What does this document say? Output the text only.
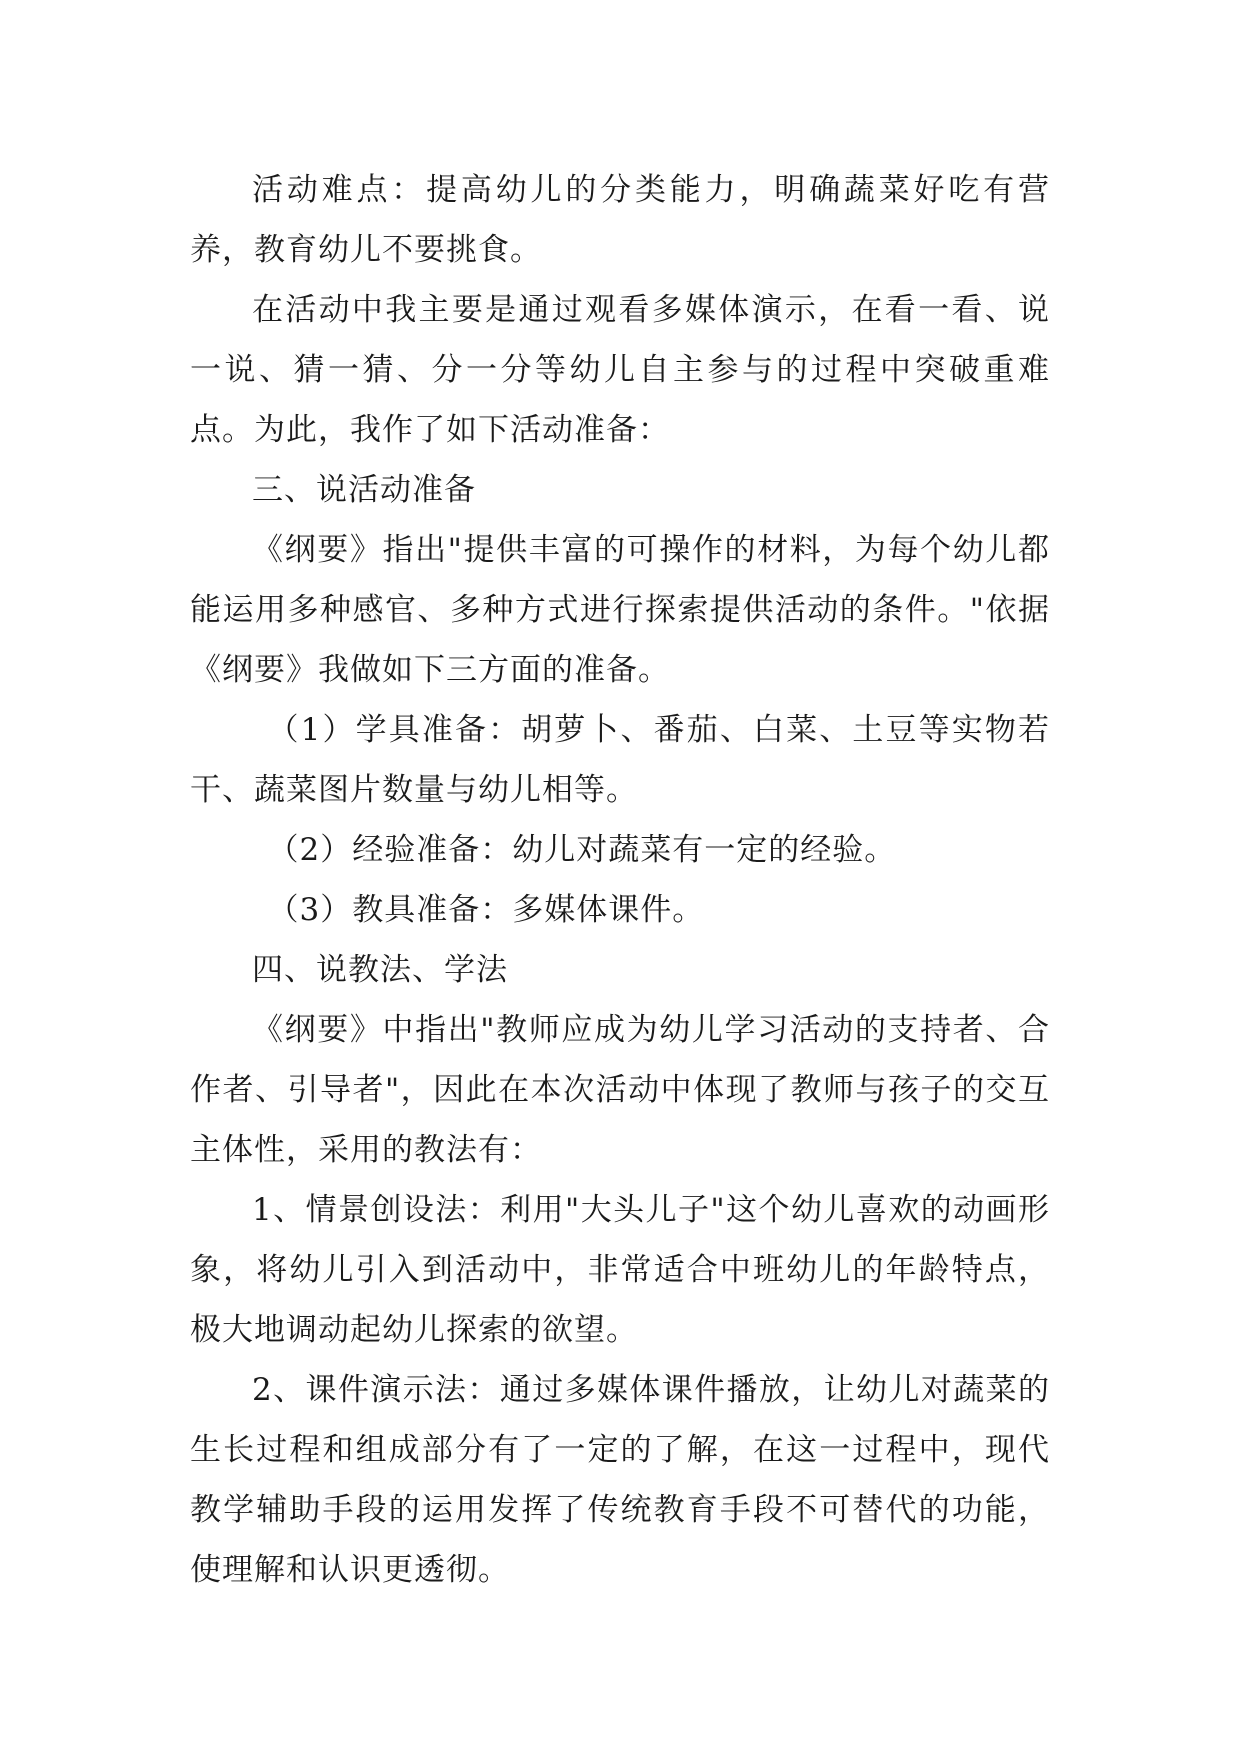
活动难点：提高幼儿的分类能力，明确蔬菜好吃有营养，教育幼儿不要挑食。

在活动中我主要是通过观看多媒体演示，在看一看、说一说、猜一猜、分一分等幼儿自主参与的过程中突破重难点。为此，我作了如下活动准备：

三、说活动准备

《纲要》指出"提供丰富的可操作的材料，为每个幼儿都能运用多种感官、多种方式进行探索提供活动的条件。"依据《纲要》我做如下三方面的准备。

（1）学具准备：胡萝卜、番茄、白菜、土豆等实物若干、蔬菜图片数量与幼儿相等。

（2）经验准备：幼儿对蔬菜有一定的经验。

（3）教具准备：多媒体课件。

四、说教法、学法

《纲要》中指出"教师应成为幼儿学习活动的支持者、合作者、引导者"，因此在本次活动中体现了教师与孩子的交互主体性，采用的教法有：

1、情景创设法：利用"大头儿子"这个幼儿喜欢的动画形象，将幼儿引入到活动中，非常适合中班幼儿的年龄特点，极大地调动起幼儿探索的欲望。

2、课件演示法：通过多媒体课件播放，让幼儿对蔬菜的生长过程和组成部分有了一定的了解，在这一过程中，现代教学辅助手段的运用发挥了传统教育手段不可替代的功能，使理解和认识更透彻。
